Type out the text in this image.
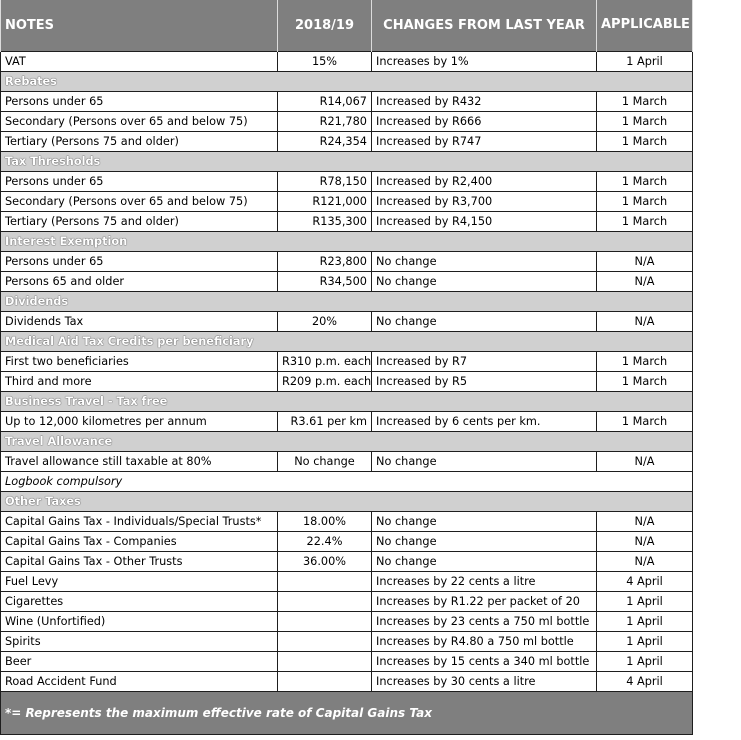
NOTES	2018/19	CHANGES FROM LAST YEAR	APPLICABLE DATES
VAT	15%	Increases by 1%	1 April
Rebates			
Persons under 65	R14,067	Increased by R432	1 March
Secondary (Persons over 65 and below 75)	R21,780	Increased by R666	1 March
Tertiary (Persons 75 and older)	R24,354	Increased by R747	1 March
Tax Thresholds			
Persons under 65	R78,150	Increased by R2,400	1 March
Secondary (Persons over 65 and below 75)	R121,000	Increased by R3,700	1 March
Tertiary (Persons 75 and older)	R135,300	Increased by R4,150	1 March
Interest Exemption			
Persons under 65	R23,800	No change	N/A
Persons 65 and older	R34,500	No change	N/A
Dividends			
Dividends Tax	20%	No change	N/A
Medical Aid Tax Credits per beneficiary			
First two beneficiaries	R310 p.m. each	Increased by R7	1 March
Third and more	R209 p.m. each	Increased by R5	1 March
Business Travel - Tax free			
Up to 12,000 kilometres per annum	R3.61 per km	Increased by 6 cents per km.	1 March
Travel Allowance			
Travel allowance still taxable at 80%	No change	No change	N/A
Logbook compulsory			
Other Taxes			
Capital Gains Tax - Individuals/Special Trusts*	18.00%	No change	N/A
Capital Gains Tax - Companies	22.4%	No change	N/A
Capital Gains Tax - Other Trusts	36.00%	No change	N/A
Fuel Levy		Increases by 22 cents a litre	4 April
Cigarettes		Increases by R1.22 per packet of 20	1 April
Wine (Unfortified)		Increases by 23 cents a 750 ml bottle	1 April
Spirits		Increases by R4.80 a 750 ml bottle	1 April
Beer		Increases by 15 cents a 340 ml bottle	1 April
Road Accident Fund		Increases by 30 cents a litre	4 April
*= Represents the maximum effective rate of Capital Gains Tax			
